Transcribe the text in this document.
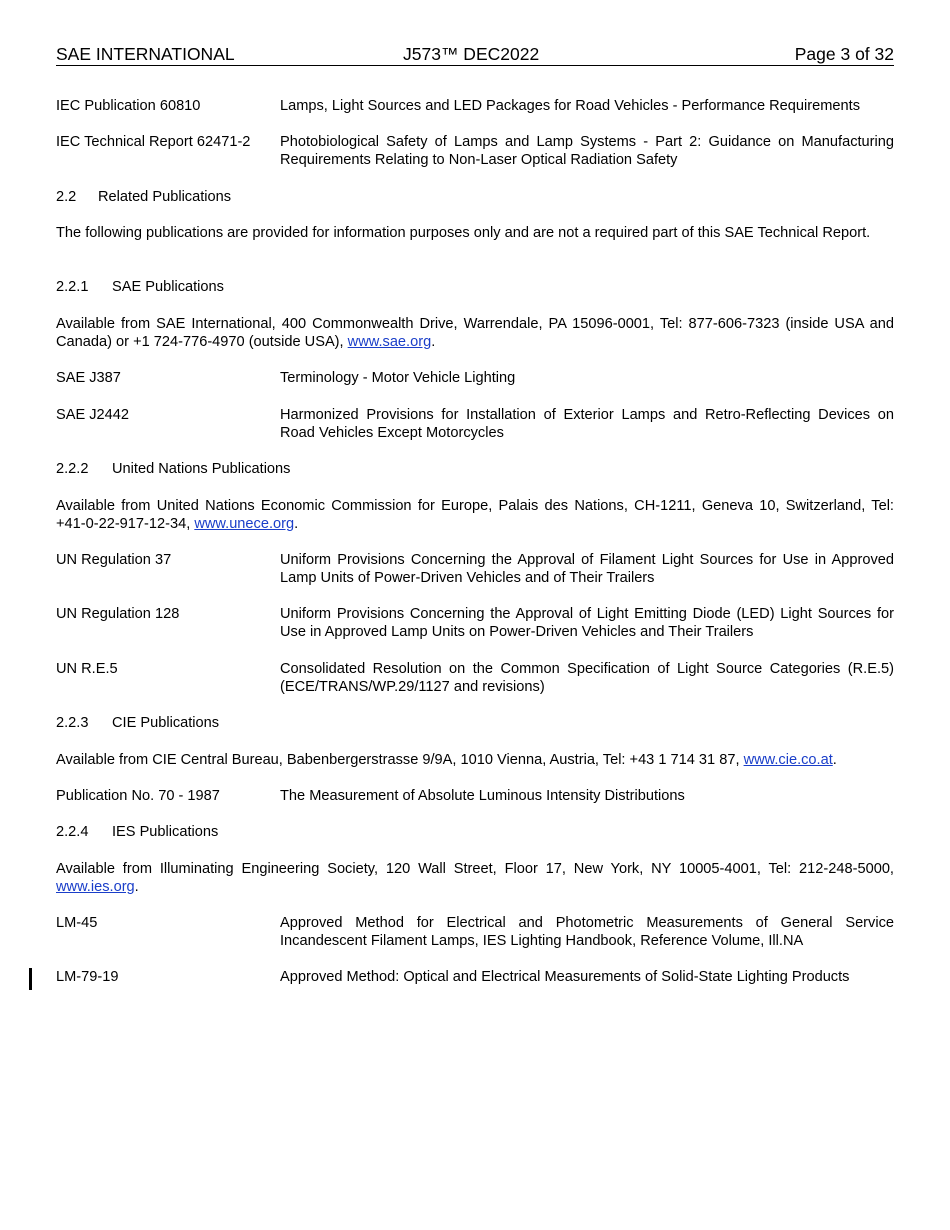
SAE INTERNATIONAL	J573™ DEC2022	Page 3 of 32
IEC Publication 60810	Lamps, Light Sources and LED Packages for Road Vehicles - Performance Requirements
IEC Technical Report 62471-2	Photobiological Safety of Lamps and Lamp Systems - Part 2: Guidance on Manufacturing Requirements Relating to Non-Laser Optical Radiation Safety
2.2	Related Publications
The following publications are provided for information purposes only and are not a required part of this SAE Technical Report.
2.2.1	SAE Publications
Available from SAE International, 400 Commonwealth Drive, Warrendale, PA 15096-0001, Tel: 877-606-7323 (inside USA and Canada) or +1 724-776-4970 (outside USA), www.sae.org.
SAE J387	Terminology - Motor Vehicle Lighting
SAE J2442	Harmonized Provisions for Installation of Exterior Lamps and Retro-Reflecting Devices on Road Vehicles Except Motorcycles
2.2.2	United Nations Publications
Available from United Nations Economic Commission for Europe, Palais des Nations, CH-1211, Geneva 10, Switzerland, Tel: +41-0-22-917-12-34, www.unece.org.
UN Regulation 37	Uniform Provisions Concerning the Approval of Filament Light Sources for Use in Approved Lamp Units of Power-Driven Vehicles and of Their Trailers
UN Regulation 128	Uniform Provisions Concerning the Approval of Light Emitting Diode (LED) Light Sources for Use in Approved Lamp Units on Power-Driven Vehicles and Their Trailers
UN R.E.5	Consolidated Resolution on the Common Specification of Light Source Categories (R.E.5) (ECE/TRANS/WP.29/1127 and revisions)
2.2.3	CIE Publications
Available from CIE Central Bureau, Babenbergerstrasse 9/9A, 1010 Vienna, Austria, Tel: +43 1 714 31 87, www.cie.co.at.
Publication No. 70 - 1987	The Measurement of Absolute Luminous Intensity Distributions
2.2.4	IES Publications
Available from Illuminating Engineering Society, 120 Wall Street, Floor 17, New York, NY 10005-4001, Tel: 212-248-5000, www.ies.org.
LM-45	Approved Method for Electrical and Photometric Measurements of General Service Incandescent Filament Lamps, IES Lighting Handbook, Reference Volume, Ill.NA
LM-79-19	Approved Method: Optical and Electrical Measurements of Solid-State Lighting Products
